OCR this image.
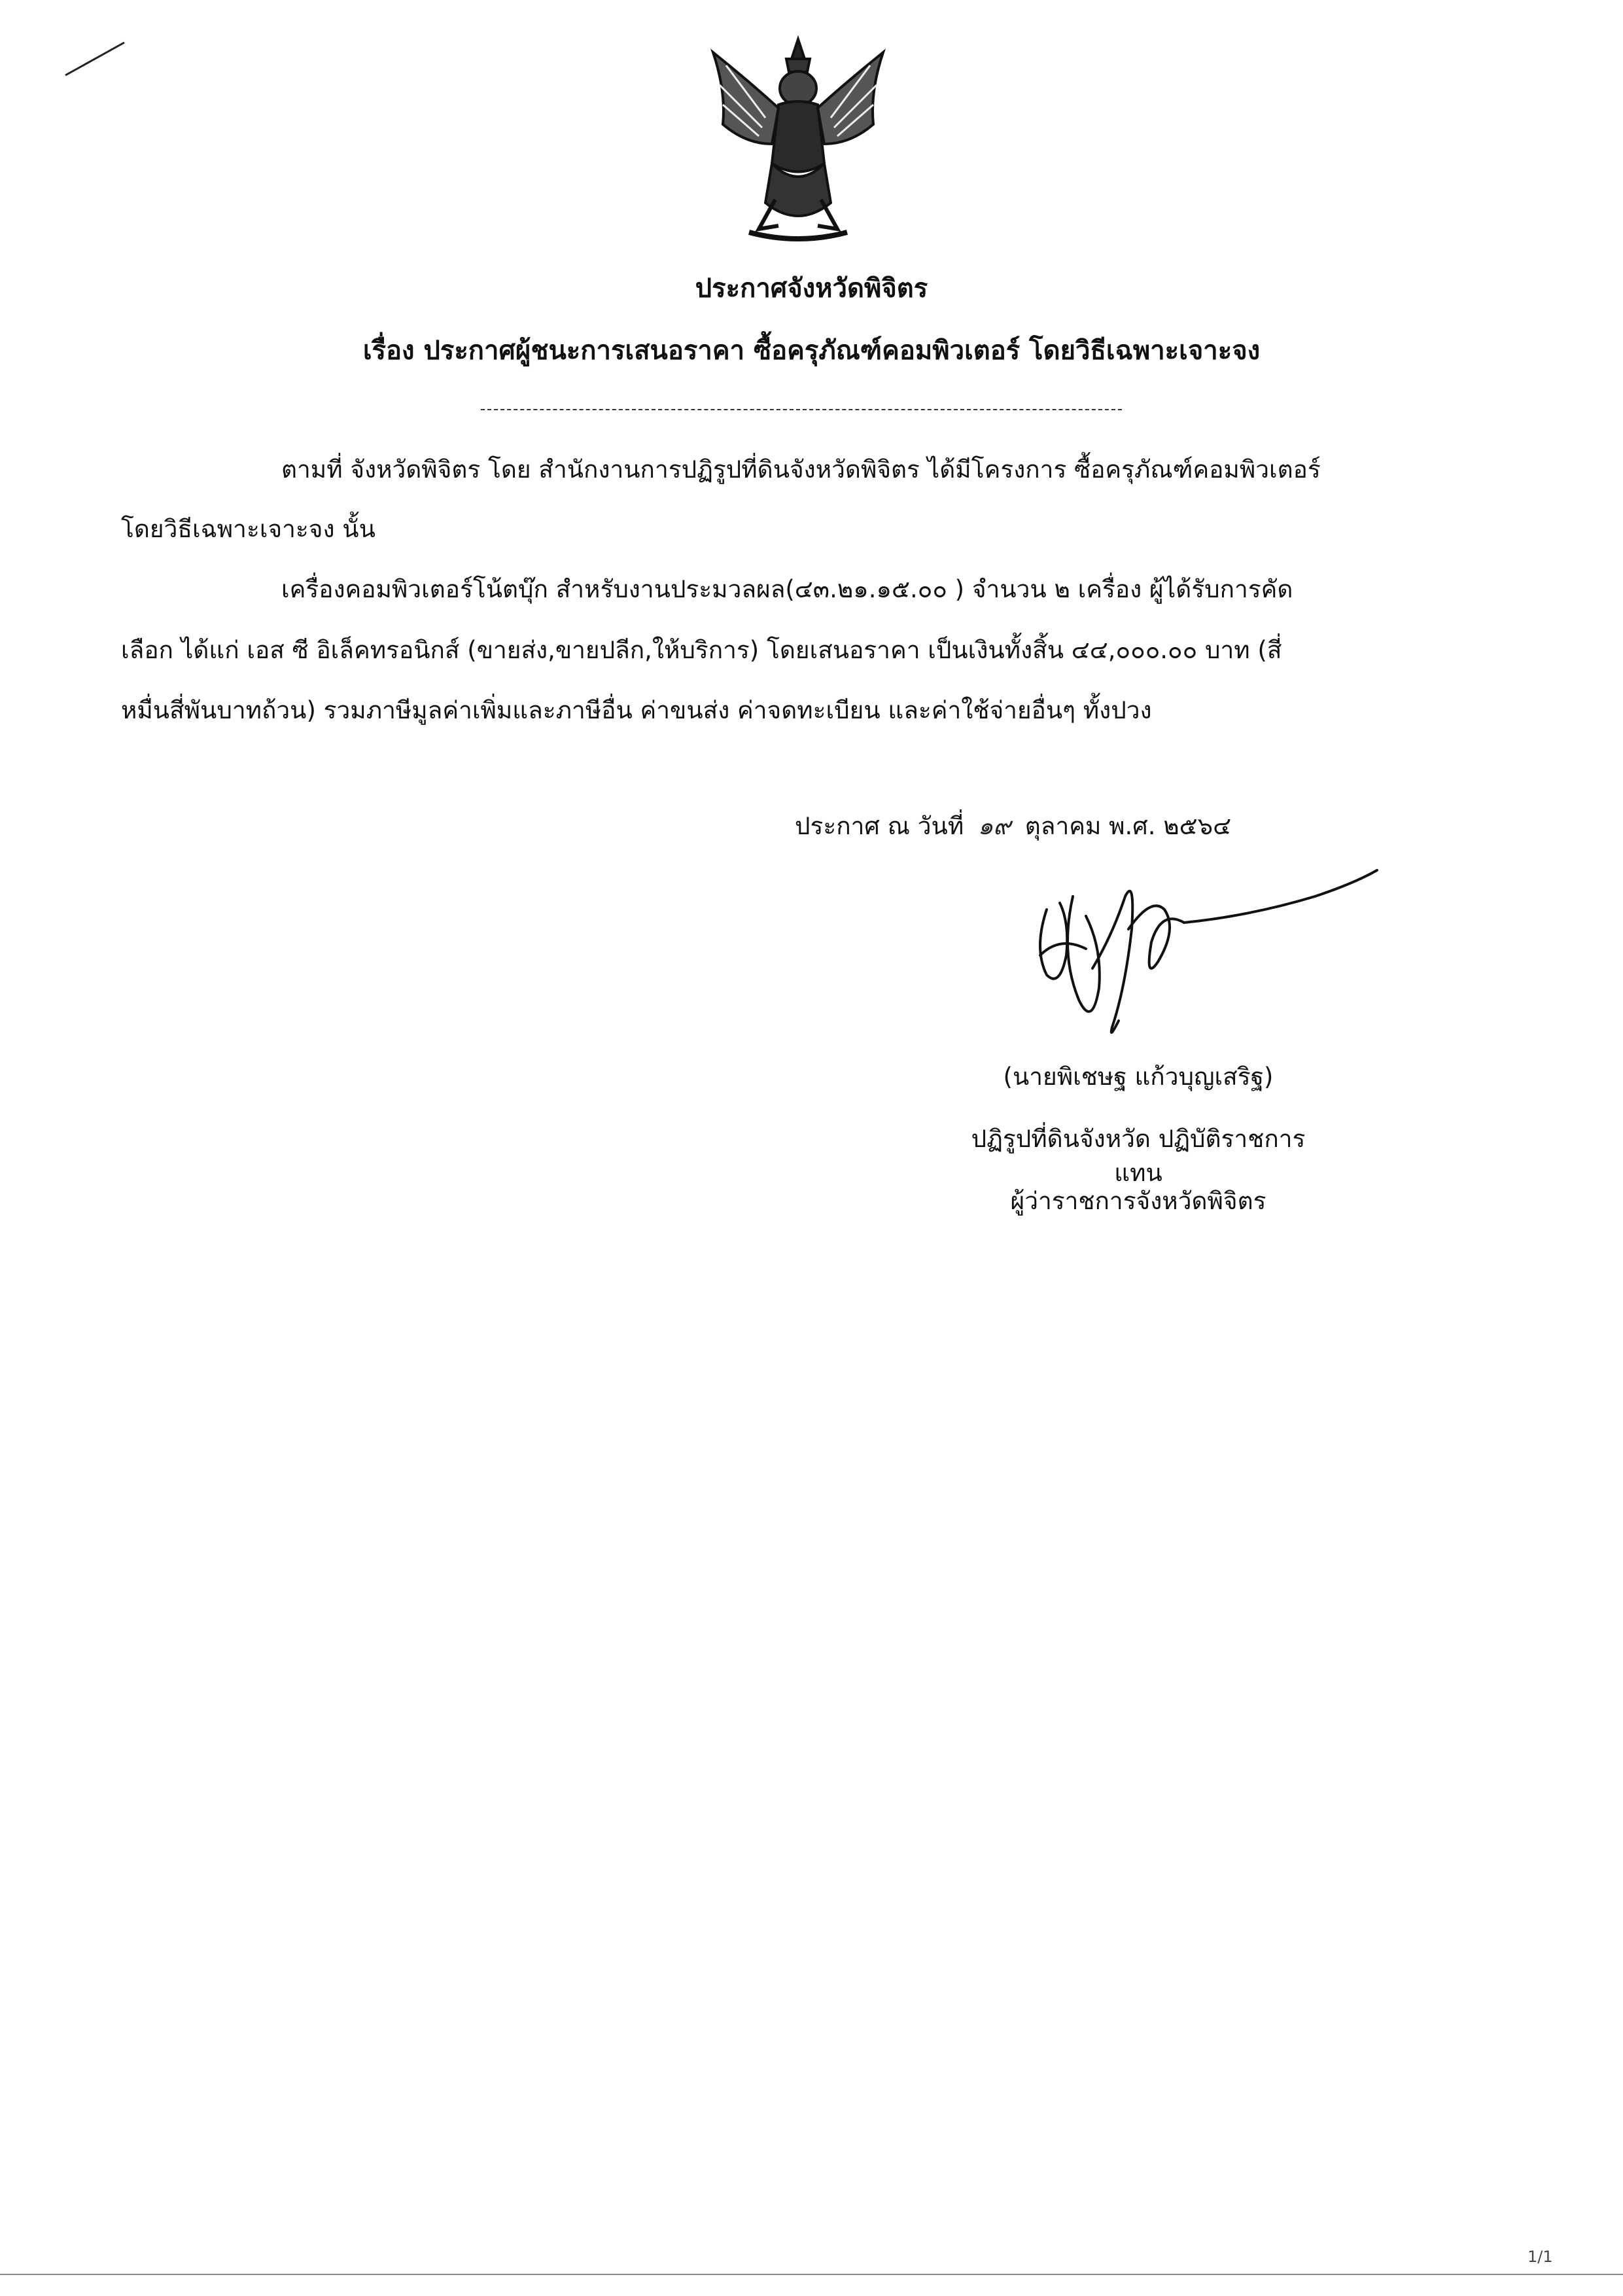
ประกาศจังหวัดพิจิตร
เรื่อง ประกาศผู้ชนะการเสนอราคา ซื้อครุภัณฑ์คอมพิวเตอร์ โดยวิธีเฉพาะเจาะจง
ตามที่ จังหวัดพิจิตร โดย สำนักงานการปฏิรูปที่ดินจังหวัดพิจิตร ได้มีโครงการ ซื้อครุภัณฑ์คอมพิวเตอร์
โดยวิธีเฉพาะเจาะจง นั้น
เครื่องคอมพิวเตอร์โน้ตบุ๊ก สำหรับงานประมวลผล(๔๓.๒๑.๑๕.๐๐ ) จำนวน ๒ เครื่อง ผู้ได้รับการคัด
เลือก ได้แก่ เอส ซี อิเล็คทรอนิกส์ (ขายส่ง,ขายปลีก,ให้บริการ) โดยเสนอราคา เป็นเงินทั้งสิ้น ๔๔,๐๐๐.๐๐ บาท (สี่
หมื่นสี่พันบาทถ้วน) รวมภาษีมูลค่าเพิ่มและภาษีอื่น ค่าขนส่ง ค่าจดทะเบียน และค่าใช้จ่ายอื่นๆ ทั้งปวง
ประกาศ ณ วันที่ ๑๙ ตุลาคม พ.ศ. ๒๕๖๔
(นายพิเชษฐ แก้วบุญเสริฐ)
ปฏิรูปที่ดินจังหวัด ปฏิบัติราชการแทน
ผู้ว่าราชการจังหวัดพิจิตร
1/1
